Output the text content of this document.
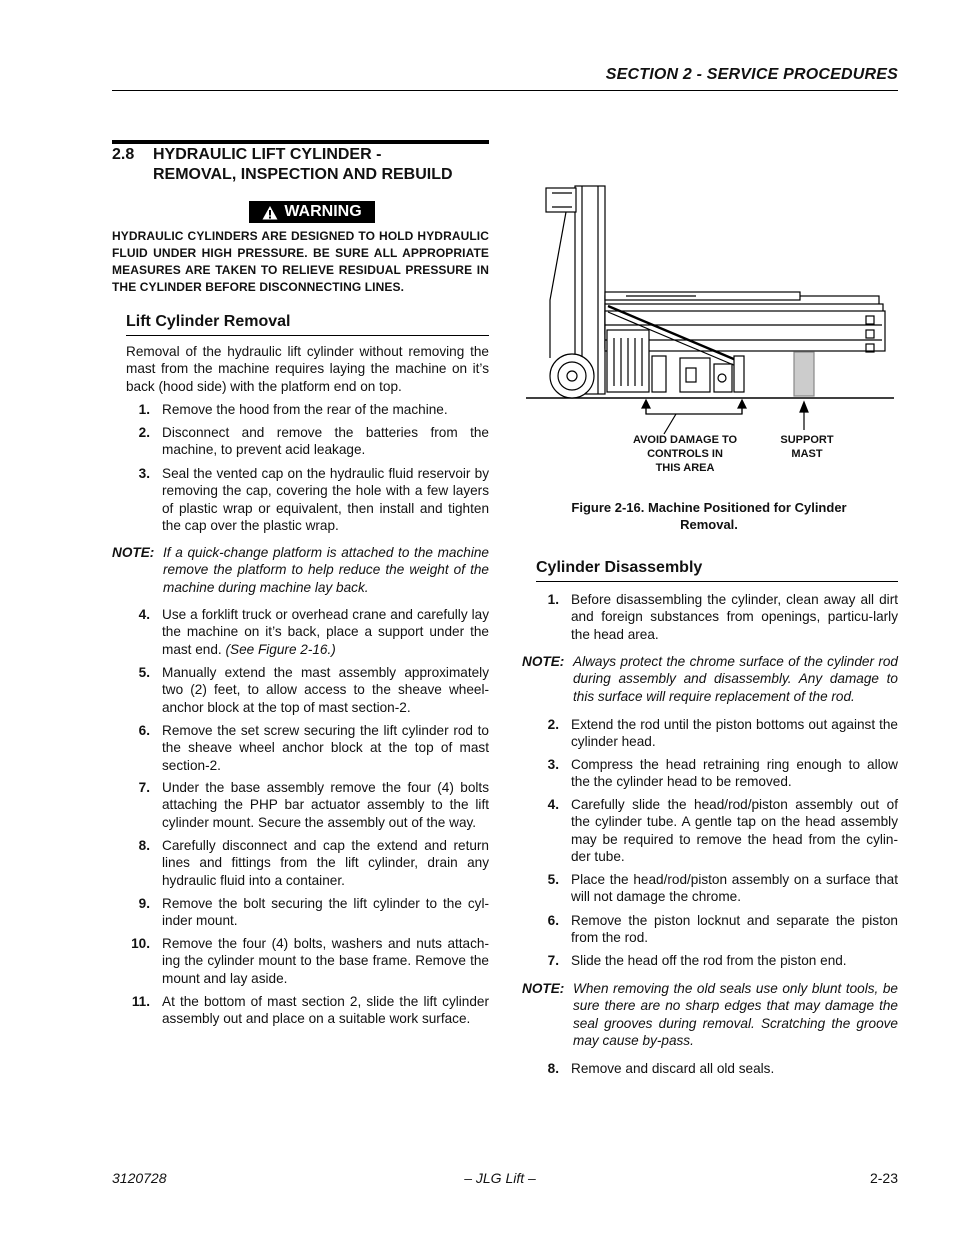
SECTION 2 - SERVICE PROCEDURES
2.8 HYDRAULIC LIFT CYLINDER -
REMOVAL, INSPECTION AND REBUILD
WARNING
HYDRAULIC CYLINDERS ARE DESIGNED TO HOLD HYDRAULIC FLUID UNDER HIGH PRESSURE. BE SURE ALL APPROPRIATE MEASURES ARE TAKEN TO RELIEVE RESIDUAL PRESSURE IN THE CYLINDER BEFORE DISCONNECTING LINES.
Lift Cylinder Removal
Removal of the hydraulic lift cylinder without removing the mast from the machine requires laying the machine on it’s back (hood side) with the platform end on top.
1. Remove the hood from the rear of the machine.
2. Disconnect and remove the batteries from the machine, to prevent acid leakage.
3. Seal the vented cap on the hydraulic fluid reservoir by removing the cap, covering the hole with a few layers of plastic wrap or equivalent, then install and tighten the cap over the plastic wrap.
NOTE: If a quick-change platform is attached to the machine remove the platform to help reduce the weight of the machine during machine lay back.
4. Use a forklift truck or overhead crane and carefully lay the machine on it’s back, place a support under the mast end. (See Figure 2-16.)
5. Manually extend the mast assembly approximately two (2) feet, to allow access to the sheave wheel-anchor block at the top of mast section-2.
6. Remove the set screw securing the lift cylinder rod to the sheave wheel anchor block at the top of mast section-2.
7. Under the base assembly remove the four (4) bolts attaching the PHP bar actuator assembly to the lift cylinder mount. Secure the assembly out of the way.
8. Carefully disconnect and cap the extend and return lines and fittings from the lift cylinder, drain any hydraulic fluid into a container.
9. Remove the bolt securing the lift cylinder to the cyl-inder mount.
10. Remove the four (4) bolts, washers and nuts attach-ing the cylinder mount to the base frame. Remove the mount and lay aside.
11. At the bottom of mast section 2, slide the lift cylinder assembly out and place on a suitable work surface.
AVOID DAMAGE TO
CONTROLS IN
THIS AREA
SUPPORT
MAST
Figure 2-16. Machine Positioned for Cylinder
Removal.
Cylinder Disassembly
1. Before disassembling the cylinder, clean away all dirt and foreign substances from openings, particu-larly the head area.
NOTE: Always protect the chrome surface of the cylinder rod during assembly and disassembly. Any damage to this surface will require replacement of the rod.
2. Extend the rod until the piston bottoms out against the cylinder head.
3. Compress the head retraining ring enough to allow the the cylinder head to be removed.
4. Carefully slide the head/rod/piston assembly out of the cylinder tube. A gentle tap on the head assembly may be required to remove the head from the cylin-der tube.
5. Place the head/rod/piston assembly on a surface that will not damage the chrome.
6. Remove the piston locknut and separate the piston from the rod.
7. Slide the head off the rod from the piston end.
NOTE: When removing the old seals use only blunt tools, be sure there are no sharp edges that may damage the seal grooves during removal. Scratching the groove may cause by-pass.
8. Remove and discard all old seals.
3120728	– JLG Lift –	2-23
